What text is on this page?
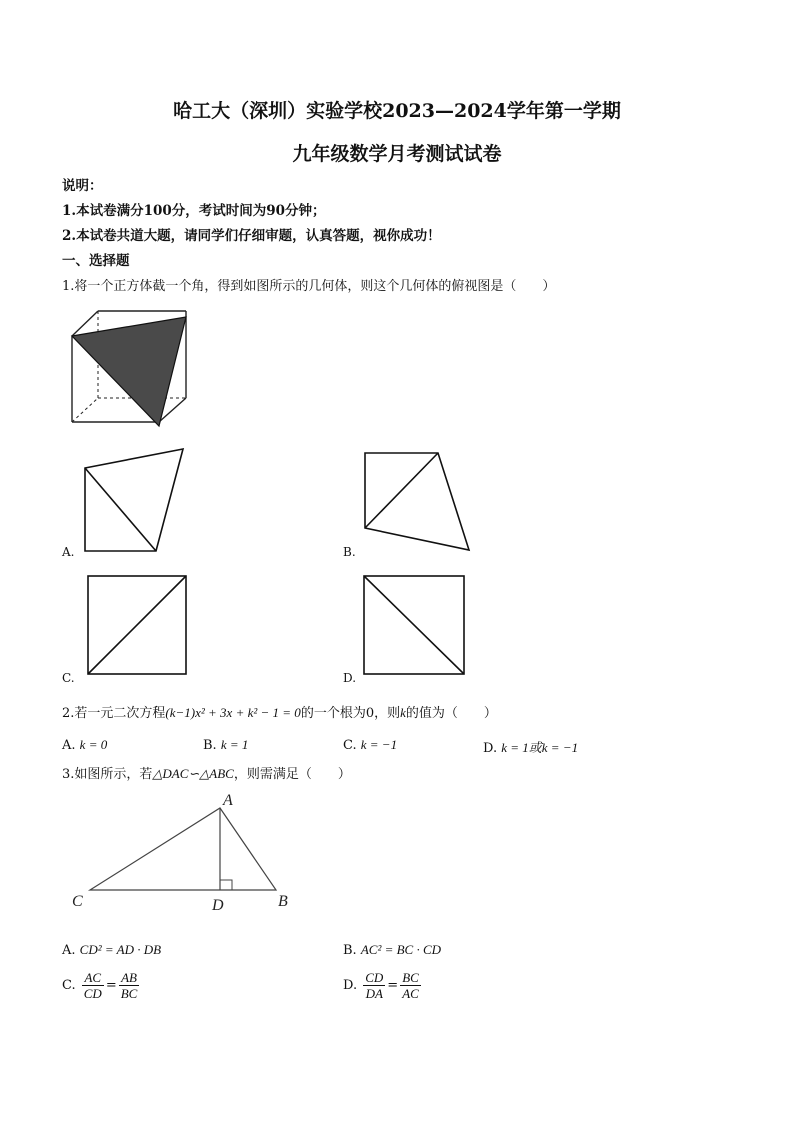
哈工大（深圳）实验学校2023—2024学年第一学期
九年级数学月考测试试卷
说明：
1.本试卷满分100分，考试时间为90分钟；
2.本试卷共道大题，请同学们仔细审题，认真答题，视你成功！
一、选择题
1.将一个正方体截一个角，得到如图所示的几何体，则这个几何体的俯视图是（　　）
A.	B.
C.	D.
2.若一元二次方程(k−1)x² + 3x + k² − 1 = 0的一个根为0，则k的值为（　　）
A. k = 0	B. k = 1	C. k = −1	D. k = 1或k = −1
3.如图所示，若△DAC∽△ABC，则需满足（　　）
A
B
C	D
A. CD² = AD · DB	B. AC² = BC · CD
C. $\frac{AC}{CD} = \frac{AB}{BC}$	D. $\frac{CD}{DA} = \frac{BC}{AC}$
